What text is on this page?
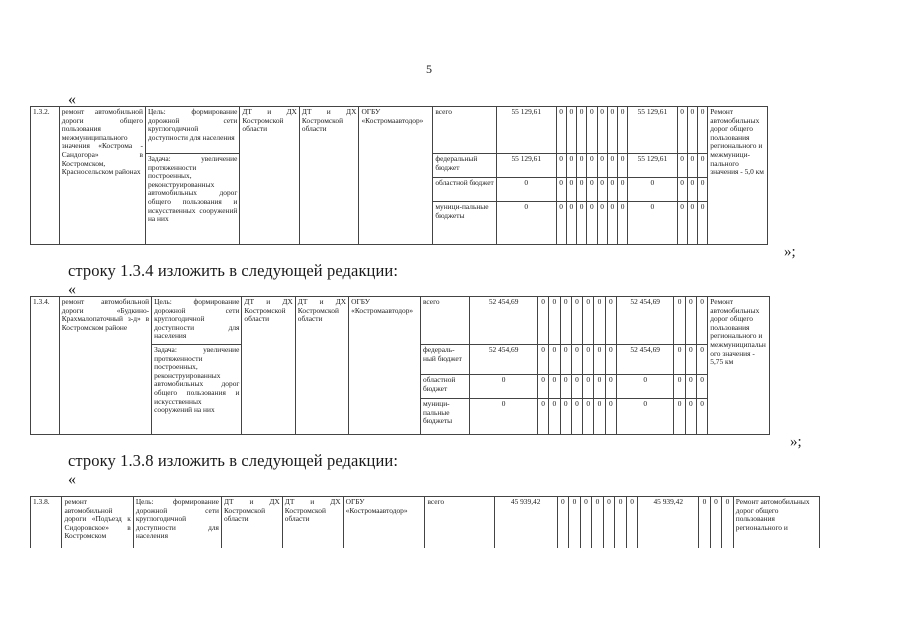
5
«
1.3.2.	ремонт автомобильной дороги общего пользования межмуниципального значения «Кострома - Сандогора» в Костромском, Красносельском районах	Цель: формирование дорожной сети круглогодичной доступности для населения	ДТ и ДХ Костромской области	ДТ и ДХ Костромской области	ОГБУ «Костромаавтодор»	всего	55 129,61	0	0	0	0	0	0	0	55 129,61	0	0	0	Ремонт автомобильных дорог общего пользования регионального и межмуници-пального значения - 5,0 км
		Задача: увеличение протяженности построенных, реконструированных автомобильных дорог общего пользования и искусственных сооружений на них				федеральный бюджет	55 129,61	0	0	0	0	0	0	0	55 129,61	0	0	0	
						областной бюджет	0	0	0	0	0	0	0	0	0	0	0	0	
						муници-пальные бюджеты	0	0	0	0	0	0	0	0	0	0	0	0	
»;
строку 1.3.4 изложить в следующей редакции:
«
1.3.4.	ремонт автомобильной дороги «Будкино-Крахмалопаточный з-д» в Костромском районе	Цель: формирование дорожной сети круглогодичной доступности для населения	ДТ и ДХ Костромской области	ДТ и ДХ Костромской области	ОГБУ «Костромаавтодор»	всего	52 454,69	0	0	0	0	0	0	0	52 454,69	0	0	0	Ремонт автомобильных дорог общего пользования регионального и межмуниципального значения - 5,75 км
		Задача: увеличение протяженности построенных, реконструированных автомобильных дорог общего пользования и искусственных сооружений на них				федераль-ный бюджет	52 454,69	0	0	0	0	0	0	0	52 454,69	0	0	0	
						областной бюджет	0	0	0	0	0	0	0	0	0	0	0	0	
						муници-пальные бюджеты	0	0	0	0	0	0	0	0	0	0	0	0	
»;
строку 1.3.8 изложить в следующей редакции:
«
1.3.8.	ремонт автомобильной дороги «Подъезд к Сидоровское» в Костромском	Цель: формирование дорожной сети круглогодичной доступности для населения	ДТ и ДХ Костромской области	ДТ и ДХ Костромской области	ОГБУ «Костромаавтодор»	всего	45 939,42	0	0	0	0	0	0	0	45 939,42	0	0	0	Ремонт автомобильных дорог общего пользования регионального и
